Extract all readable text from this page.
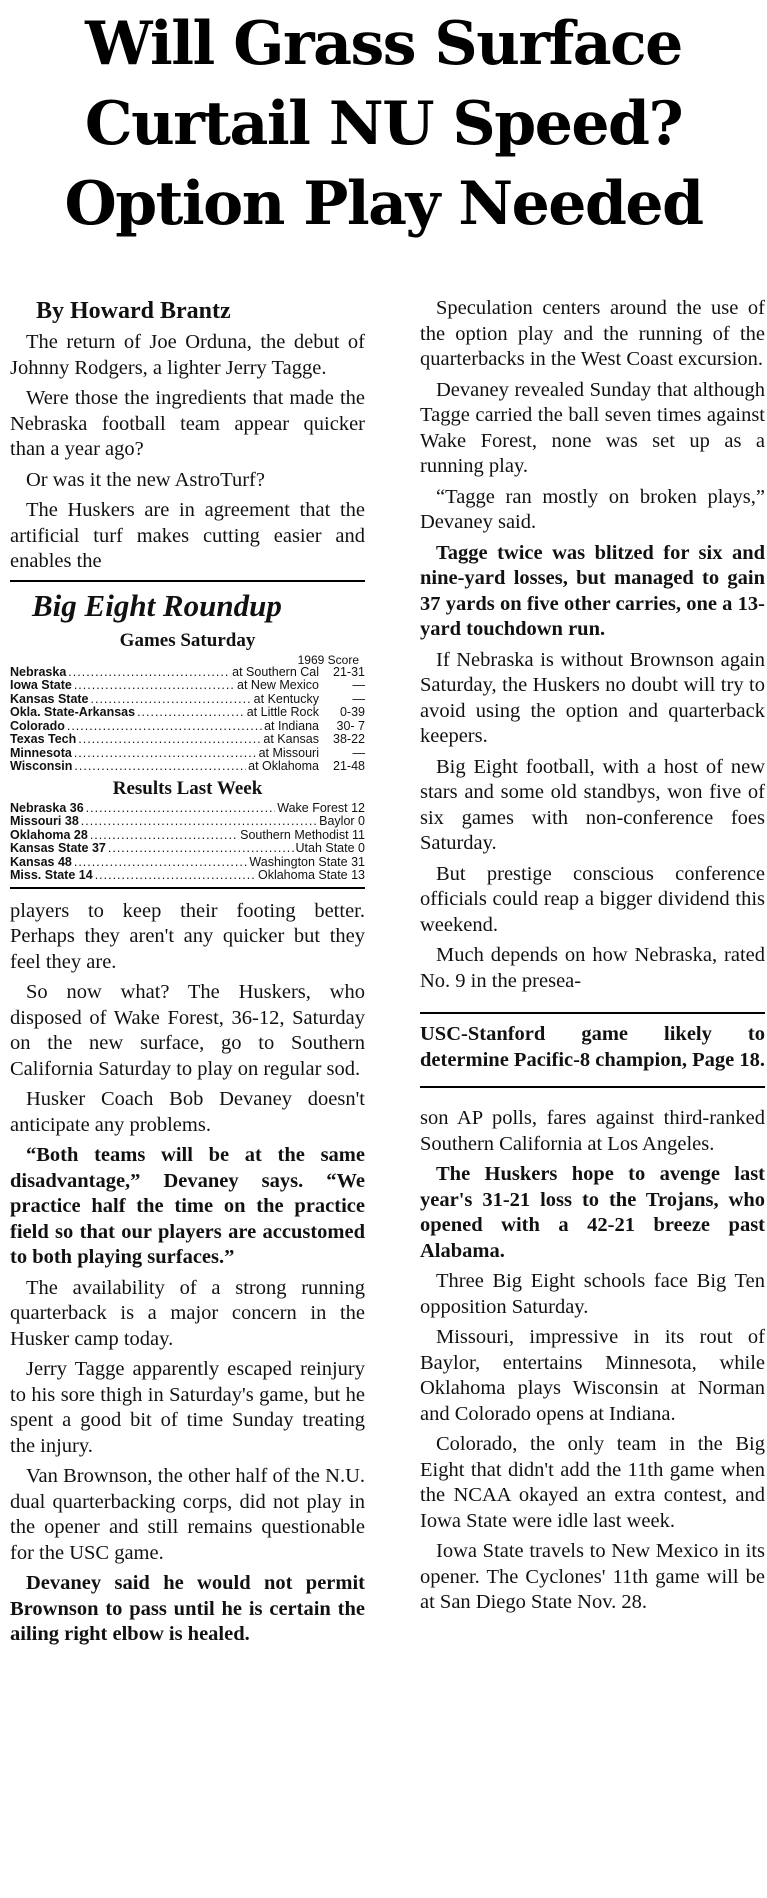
Will Grass Surface
Curtail NU Speed?
Option Play Needed
By Howard Brantz

The return of Joe Orduna, the debut of Johnny Rodgers, a lighter Jerry Tagge.

Were those the ingredients that made the Nebraska football team appear quicker than a year ago?

Or was it the new AstroTurf?

The Huskers are in agreement that the artificial turf makes cutting easier and enables the

Big Eight Roundup
Games Saturday
1969 Score
Nebraska .....	at Southern Cal	21-31
Iowa State .....	at New Mexico	—
Kansas State .....	at Kentucky	—
Okla. State-Arkansas .....	at Little Rock	0-39
Colorado .....	at Indiana	30- 7
Texas Tech .....	at Kansas	38-22
Minnesota .....	at Missouri	—
Wisconsin .....	at Oklahoma	21-48
Results Last Week
Nebraska 36 .....	Wake Forest 12
Missouri 38 .....	Baylor 0
Oklahoma 28 .....	Southern Methodist 11
Kansas State 37 .....	Utah State 0
Kansas 48 .....	Washington State 31
Miss. State 14 .....	Oklahoma State 13

players to keep their footing better. Perhaps they aren't any quicker but they feel they are.

So now what? The Huskers, who disposed of Wake Forest, 36-12, Saturday on the new surface, go to Southern California Saturday to play on regular sod.

Husker Coach Bob Devaney doesn't anticipate any problems.

“Both teams will be at the same disadvantage,” Devaney says. “We practice half the time on the practice field so that our players are accustomed to both playing surfaces.”

The availability of a strong running quarterback is a major concern in the Husker camp today.

Jerry Tagge apparently escaped reinjury to his sore thigh in Saturday's game, but he spent a good bit of time Sunday treating the injury.

Van Brownson, the other half of the N.U. dual quarterbacking corps, did not play in the opener and still remains questionable for the USC game.

Devaney said he would not permit Brownson to pass until he is certain the ailing right elbow is healed.

Speculation centers around the use of the option play and the running of the quarterbacks in the West Coast excursion.

Devaney revealed Sunday that although Tagge carried the ball seven times against Wake Forest, none was set up as a running play.

“Tagge ran mostly on broken plays,” Devaney said.

Tagge twice was blitzed for six and nine-yard losses, but managed to gain 37 yards on five other carries, one a 13-yard touchdown run.

If Nebraska is without Brownson again Saturday, the Huskers no doubt will try to avoid using the option and quarterback keepers.

Big Eight football, with a host of new stars and some old standbys, won five of six games with non-conference foes Saturday.

But prestige conscious conference officials could reap a bigger dividend this weekend.

Much depends on how Nebraska, rated No. 9 in the presea-

USC-Stanford game likely to determine Pacific-8 champion, Page 18.

son AP polls, fares against third-ranked Southern California at Los Angeles.

The Huskers hope to avenge last year's 31-21 loss to the Trojans, who opened with a 42-21 breeze past Alabama.

Three Big Eight schools face Big Ten opposition Saturday.

Missouri, impressive in its rout of Baylor, entertains Minnesota, while Oklahoma plays Wisconsin at Norman and Colorado opens at Indiana.

Colorado, the only team in the Big Eight that didn't add the 11th game when the NCAA okayed an extra contest, and Iowa State were idle last week.

Iowa State travels to New Mexico in its opener. The Cyclones' 11th game will be at San Diego State Nov. 28.
